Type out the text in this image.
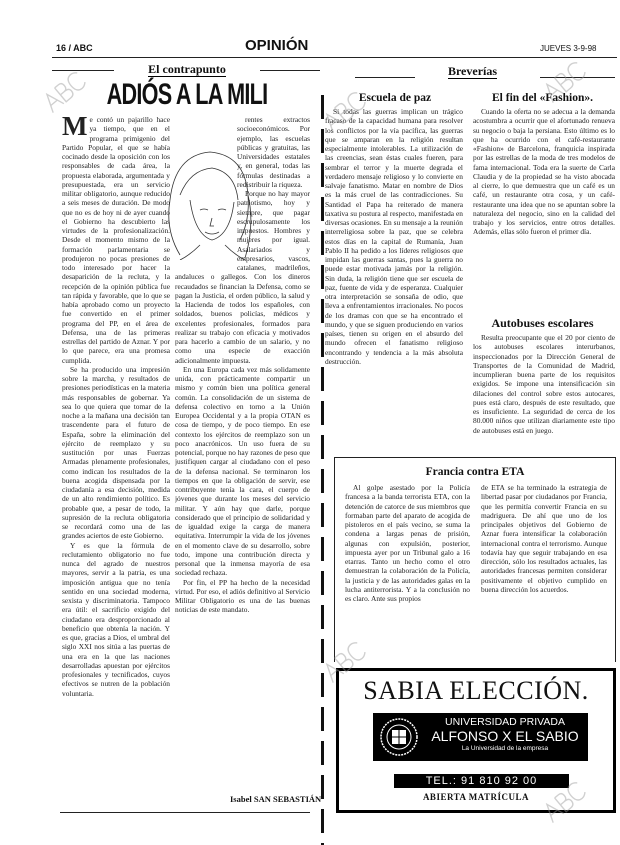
16 / ABC	OPINIÓN	JUEVES 3-9-98
El contrapunto
ADIÓS A LA MILI
Me contó un pajarillo hace ya tiempo, que en el programa primigenio del Partido Popular, el que se había cocinado desde la oposición con los responsables de cada área, la propuesta elaborada, argumentada y presupuestada, era un servicio militar obligatorio, aunque reducido a seis meses de duración. De modo que no es de hoy ni de ayer cuando el Gobierno ha descubierto las virtudes de la profesionalización. Desde el momento mismo de la formación parlamentaria se produjeron no pocas presiones de todo interesado por hacer la desaparición de la recluta, y la recepción de la opinión pública fue tan rápida y favorable, que lo que se había aprobado como un proyecto fue convertido en el primer programa del PP, en el área de Defensa, una de las primeras estrellas del partido de Aznar. Y por lo que parece, era una promesa cumplida.

Se ha producido una impresión sobre la marcha, y resultados de presiones periodísticas en la materia más responsables de gobernar. Ya sea lo que quiera que tomar de la noche a la mañana una decisión tan trascendente para el futuro de España, sobre la eliminación del ejército de reemplazo y su sustitución por unas Fuerzas Armadas plenamente profesionales, como indican los resultados de la buena acogida dispensada por la ciudadanía a esa decisión, medida de un alto rendimiento político. Es probable que, a pesar de todo, la supresión de la recluta obligatoria se recordará como una de las grandes aciertos de este Gobierno.

Y es que la fórmula de reclutamiento obligatorio no fue nunca del agrado de nuestros mayores, servir a la patria, es una imposición antigua que no tenía sentido en una sociedad moderna, sexista y discriminatoria. Tampoco era útil: el sacrificio exigido del ciudadano era desproporcionado al beneficio que obtenía la nación. Y es que, gracias a Dios, el umbral del siglo XXI nos sitúa a las puertas de una era en la que las naciones desarrolladas apuestan por ejércitos profesionales y tecnificados, cuyos efectivos se nutren de la población voluntaria.

rentes extractos socioeconómicos. Por ejemplo, las escuelas públicas y gratuitas, las Universidades estatales y, en general, todas las fórmulas destinadas a redistribuir la riqueza.

Porque no hay mayor patriotismo, hoy y siempre, que pagar escrupulosamente los impuestos. Hombres y mujeres por igual. Asalariados y empresarios, vascos, catalanes, madrileños, andaluces o gallegos. Con los dineros recaudados se financian la Defensa, como se pagan la Justicia, el orden público, la salud y la Hacienda de todos los españoles, con soldados, buenos policías, médicos y excelentes profesionales, formados para realizar su trabajo con eficacia y motivados para hacerlo a cambio de un salario, y no como una especie de exacción adicionalmente impuesta.

En una Europa cada vez más solidamente unida, con prácticamente compartir un mismo y común bien una política general común. La consolidación de un sistema de defensa colectivo en torno a la Unión Europea Occidental y a la propia OTAN es cosa de tiempo, y de poco tiempo. En ese contexto los ejércitos de reemplazo son un poco anacrónicos. Un uso fuera de su potencial, porque no hay razones de peso que justifiquen cargar al ciudadano con el peso de la defensa nacional. Se terminaron los tiempos en que la obligación de servir, ese contribuyente tenía la cara, el cuerpo de jóvenes que durante los meses del servicio militar. Y aún hay que darle, porque considerado que el principio de solidaridad y de igualdad exige la carga de manera equitativa. Interrumpir la vida de los jóvenes en el momento clave de su desarrollo, sobre todo, impone una contribución directa y personal que la inmensa mayoría de esa sociedad rechaza.

Por fin, el PP ha hecho de la necesidad virtud. Por eso, el adiós definitivo al Servicio Militar Obligatorio es una de las buenas noticias de este mandato.

Isabel SAN SEBASTIÁN
Breverías
Escuela de paz

Si todas las guerras implican un trágico fracaso de la capacidad humana para resolver los conflictos por la vía pacífica, las guerras que se amparan en la religión resultan especialmente intolerables. La utilización de las creencias, sean éstas cuales fueren, para sembrar el terror y la muerte degrada el verdadero mensaje religioso y lo convierte en salvaje fanatismo. Matar en nombre de Dios es la más cruel de las contradicciones. Su Santidad el Papa ha reiterado de manera taxativa su postura al respecto, manifestada en diversas ocasiones. En su mensaje a la reunión interreligiosa sobre la paz, que se celebra estos días en la capital de Rumanía, Juan Pablo II ha pedido a los líderes religiosos que impidan las guerras santas, pues la guerra no puede estar motivada jamás por la religión. Sin duda, la religión tiene que ser escuela de paz, fuente de vida y de esperanza. Cualquier otra interpretación se sonsaña de odio, que lleva a enfrentamientos irracionales. No pocos de los dramas con que se ha encontrado el mundo, y que se siguen produciendo en varios países, tienen su origen en el absurdo del mundo ofrecen el fanatismo religioso encontrando y tendencia a la más absoluta destrucción.

El fin del «Fashion».

Cuando la oferta no se adecua a la demanda acostumbra a ocurrir que el afortunado renueva su negocio o baja la persiana. Esto último es lo que ha ocurrido con el café-restaurante «Fashion» de Barcelona, franquicia inspirada por las estrellas de la moda de tres modelos de fama internacional. Toda era la suerte de Carla Claudia y de la propiedad se ha visto abocada al cierre, lo que demuestra que un café es un café, un restaurante otra cosa, y un café-restaurante una idea que no se apuntan sobre la naturaleza del negocio, sino en la calidad del trabajo y los servicios, entre otros detalles. Además, ellas sólo fueron el primer día.

Autobuses escolares

Resulta preocupante que el 20 por ciento de los autobuses escolares interurbanos, inspeccionados por la Dirección General de Transportes de la Comunidad de Madrid, incumplieran buena parte de los requisitos exigidos. Se impone una intensificación sin dilaciones del control sobre estos autocares, pues está claro, después de este resultado, que es insuficiente. La seguridad de cerca de los 80.000 niños que utilizan diariamente este tipo de autobuses está en juego.

Francia contra ETA

Al golpe asestado por la Policía francesa a la banda terrorista ETA, con la detención de catorce de sus miembros que formaban parte del aparato de acogida de pistoleros en el país vecino, se suma la condena a largas penas de prisión, algunas con expulsión, posterior, impuesta ayer por un Tribunal galo a 16 etarras. Tanto un hecho como el otro demuestran la colaboración de la Policía, la justicia y de las autoridades galas en la lucha antiterrorista. Y a la conclusión no es claro. Ante sus propios

de ETA se ha terminado la estrategia de libertad pasar por ciudadanos por Francia, que les permitía convertir Francia en su madriguera. De ahí que uno de los principales objetivos del Gobierno de Aznar fuera intensificar la colaboración internacional contra el terrorismo. Aunque todavía hay que seguir trabajando en esa dirección, sólo los resultados actuales, las autoridades francesas permiten considerar positivamente el objetivo cumplido en buena dirección los acuerdos.

SABIA ELECCIÓN.
UNIVERSIDAD PRIVADA
ALFONSO X EL SABIO
La Universidad de la empresa
TEL.: 91 810 92 00
ABIERTA MATRÍCULA
